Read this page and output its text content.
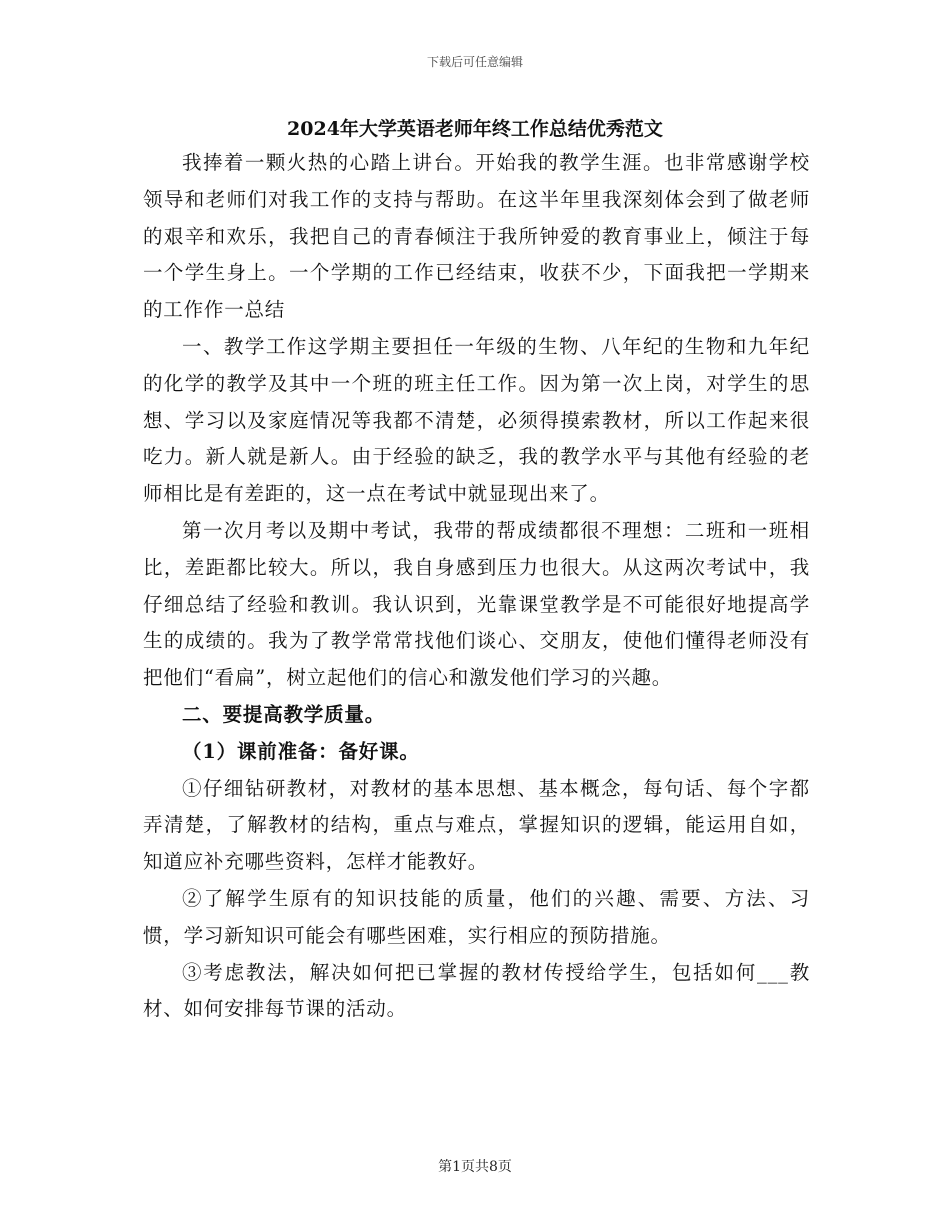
下载后可任意编辑
2024年大学英语老师年终工作总结优秀范文

我捧着一颗火热的心踏上讲台。开始我的教学生涯。也非常感谢学校领导和老师们对我工作的支持与帮助。在这半年里我深刻体会到了做老师的艰辛和欢乐，我把自己的青春倾注于我所钟爱的教育事业上，倾注于每一个学生身上。一个学期的工作已经结束，收获不少，下面我把一学期来的工作作一总结

一、教学工作这学期主要担任一年级的生物、八年纪的生物和九年纪的化学的教学及其中一个班的班主任工作。因为第一次上岗，对学生的思想、学习以及家庭情况等我都不清楚，必须得摸索教材，所以工作起来很吃力。新人就是新人。由于经验的缺乏，我的教学水平与其他有经验的老师相比是有差距的，这一点在考试中就显现出来了。

第一次月考以及期中考试，我带的帮成绩都很不理想：二班和一班相比，差距都比较大。所以，我自身感到压力也很大。从这两次考试中，我仔细总结了经验和教训。我认识到，光靠课堂教学是不可能很好地提高学生的成绩的。我为了教学常常找他们谈心、交朋友，使他们懂得老师没有把他们“看扁”，树立起他们的信心和激发他们学习的兴趣。

二、要提高教学质量。

（1）课前准备：备好课。

①仔细钻研教材，对教材的基本思想、基本概念，每句话、每个字都弄清楚，了解教材的结构，重点与难点，掌握知识的逻辑，能运用自如，知道应补充哪些资料，怎样才能教好。

②了解学生原有的知识技能的质量，他们的兴趣、需要、方法、习惯，学习新知识可能会有哪些困难，实行相应的预防措施。

③考虑教法，解决如何把已掌握的教材传授给学生，包括如何___教材、如何安排每节课的活动。

第1页共8页
